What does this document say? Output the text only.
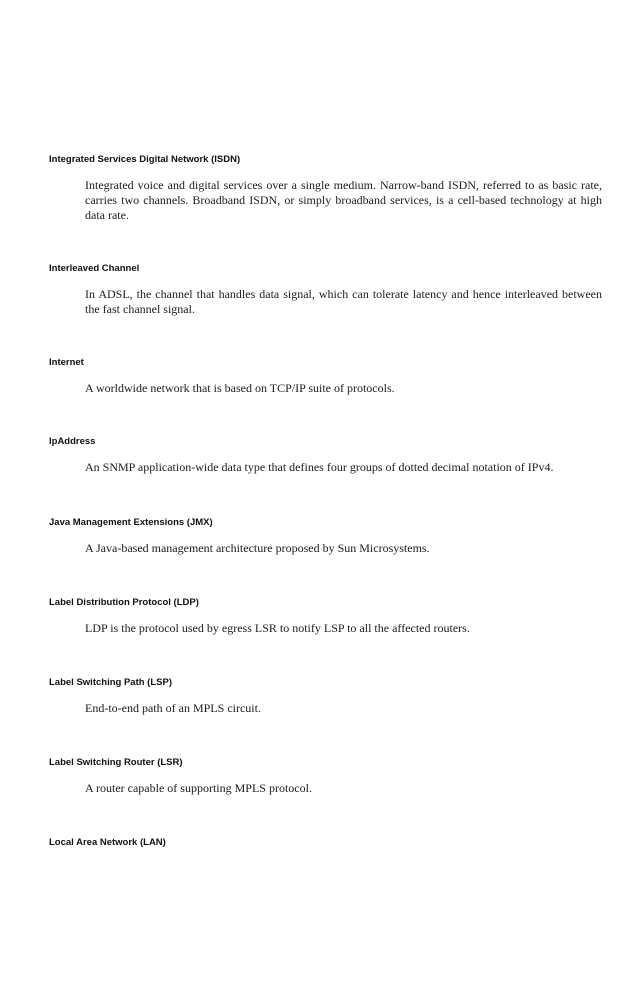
Integrated Services Digital Network (ISDN)

Integrated voice and digital services over a single medium. Narrow-band ISDN, referred to as basic rate, carries two channels. Broadband ISDN, or simply broadband services, is a cell-based technology at high data rate.

Interleaved Channel

In ADSL, the channel that handles data signal, which can tolerate latency and hence interleaved between the fast channel signal.

Internet

A worldwide network that is based on TCP/IP suite of protocols.

IpAddress

An SNMP application-wide data type that defines four groups of dotted decimal notation of IPv4.

Java Management Extensions (JMX)

A Java-based management architecture proposed by Sun Microsystems.

Label Distribution Protocol (LDP)

LDP is the protocol used by egress LSR to notify LSP to all the affected routers.

Label Switching Path (LSP)

End-to-end path of an MPLS circuit.

Label Switching Router (LSR)

A router capable of supporting MPLS protocol.

Local Area Network (LAN)
